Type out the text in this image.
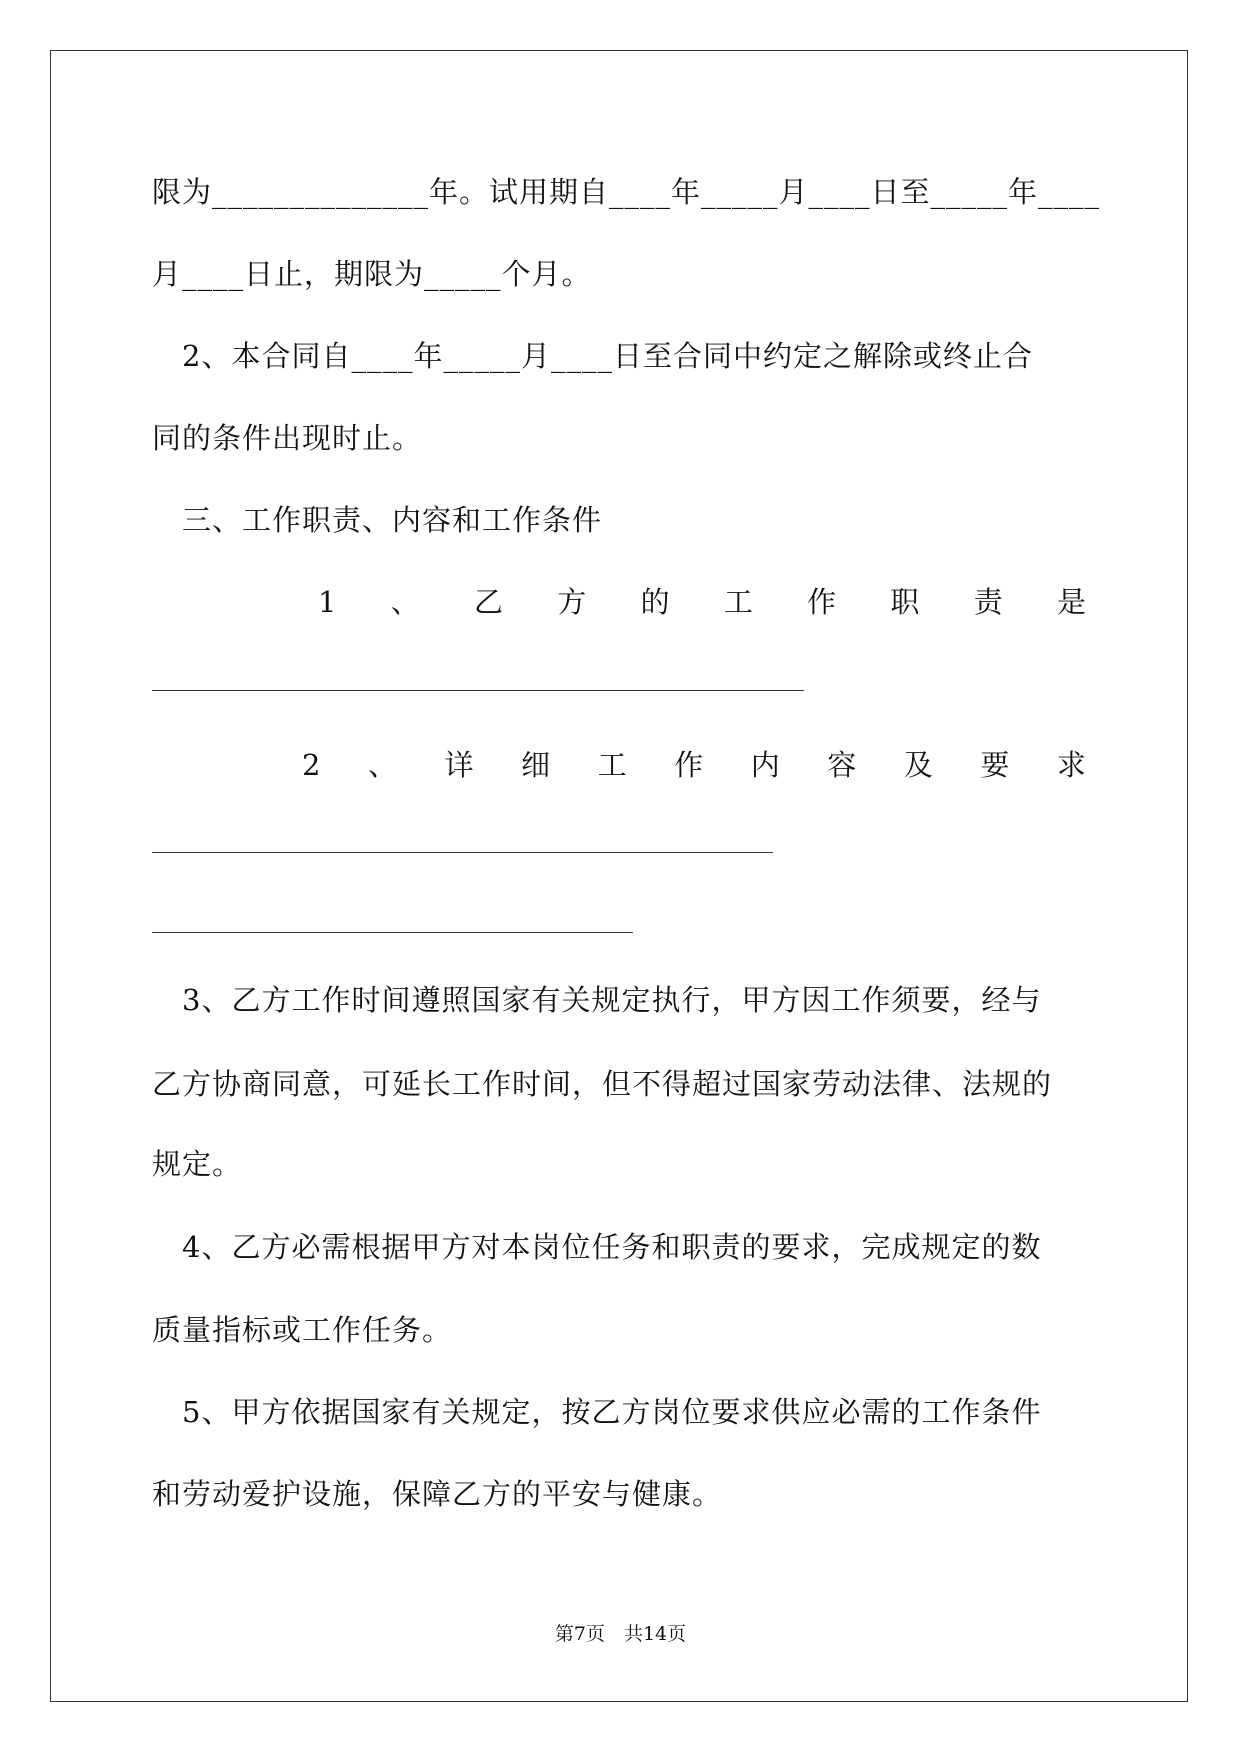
限为______________年。试用期自____年_____月____日至_____年____
月____日止，期限为_____个月。
　2、本合同自____年_____月____日至合同中约定之解除或终止合
同的条件出现时止。
　三、工作职责、内容和工作条件
1 、 乙 方 的 工 作 职 责 是
2 、 详 细 工 作 内 容 及 要 求
　3、乙方工作时间遵照国家有关规定执行，甲方因工作须要，经与
乙方协商同意，可延长工作时间，但不得超过国家劳动法律、法规的
规定。
　4、乙方必需根据甲方对本岗位任务和职责的要求，完成规定的数
质量指标或工作任务。
　5、甲方依据国家有关规定，按乙方岗位要求供应必需的工作条件
和劳动爱护设施，保障乙方的平安与健康。
第7页　共14页
